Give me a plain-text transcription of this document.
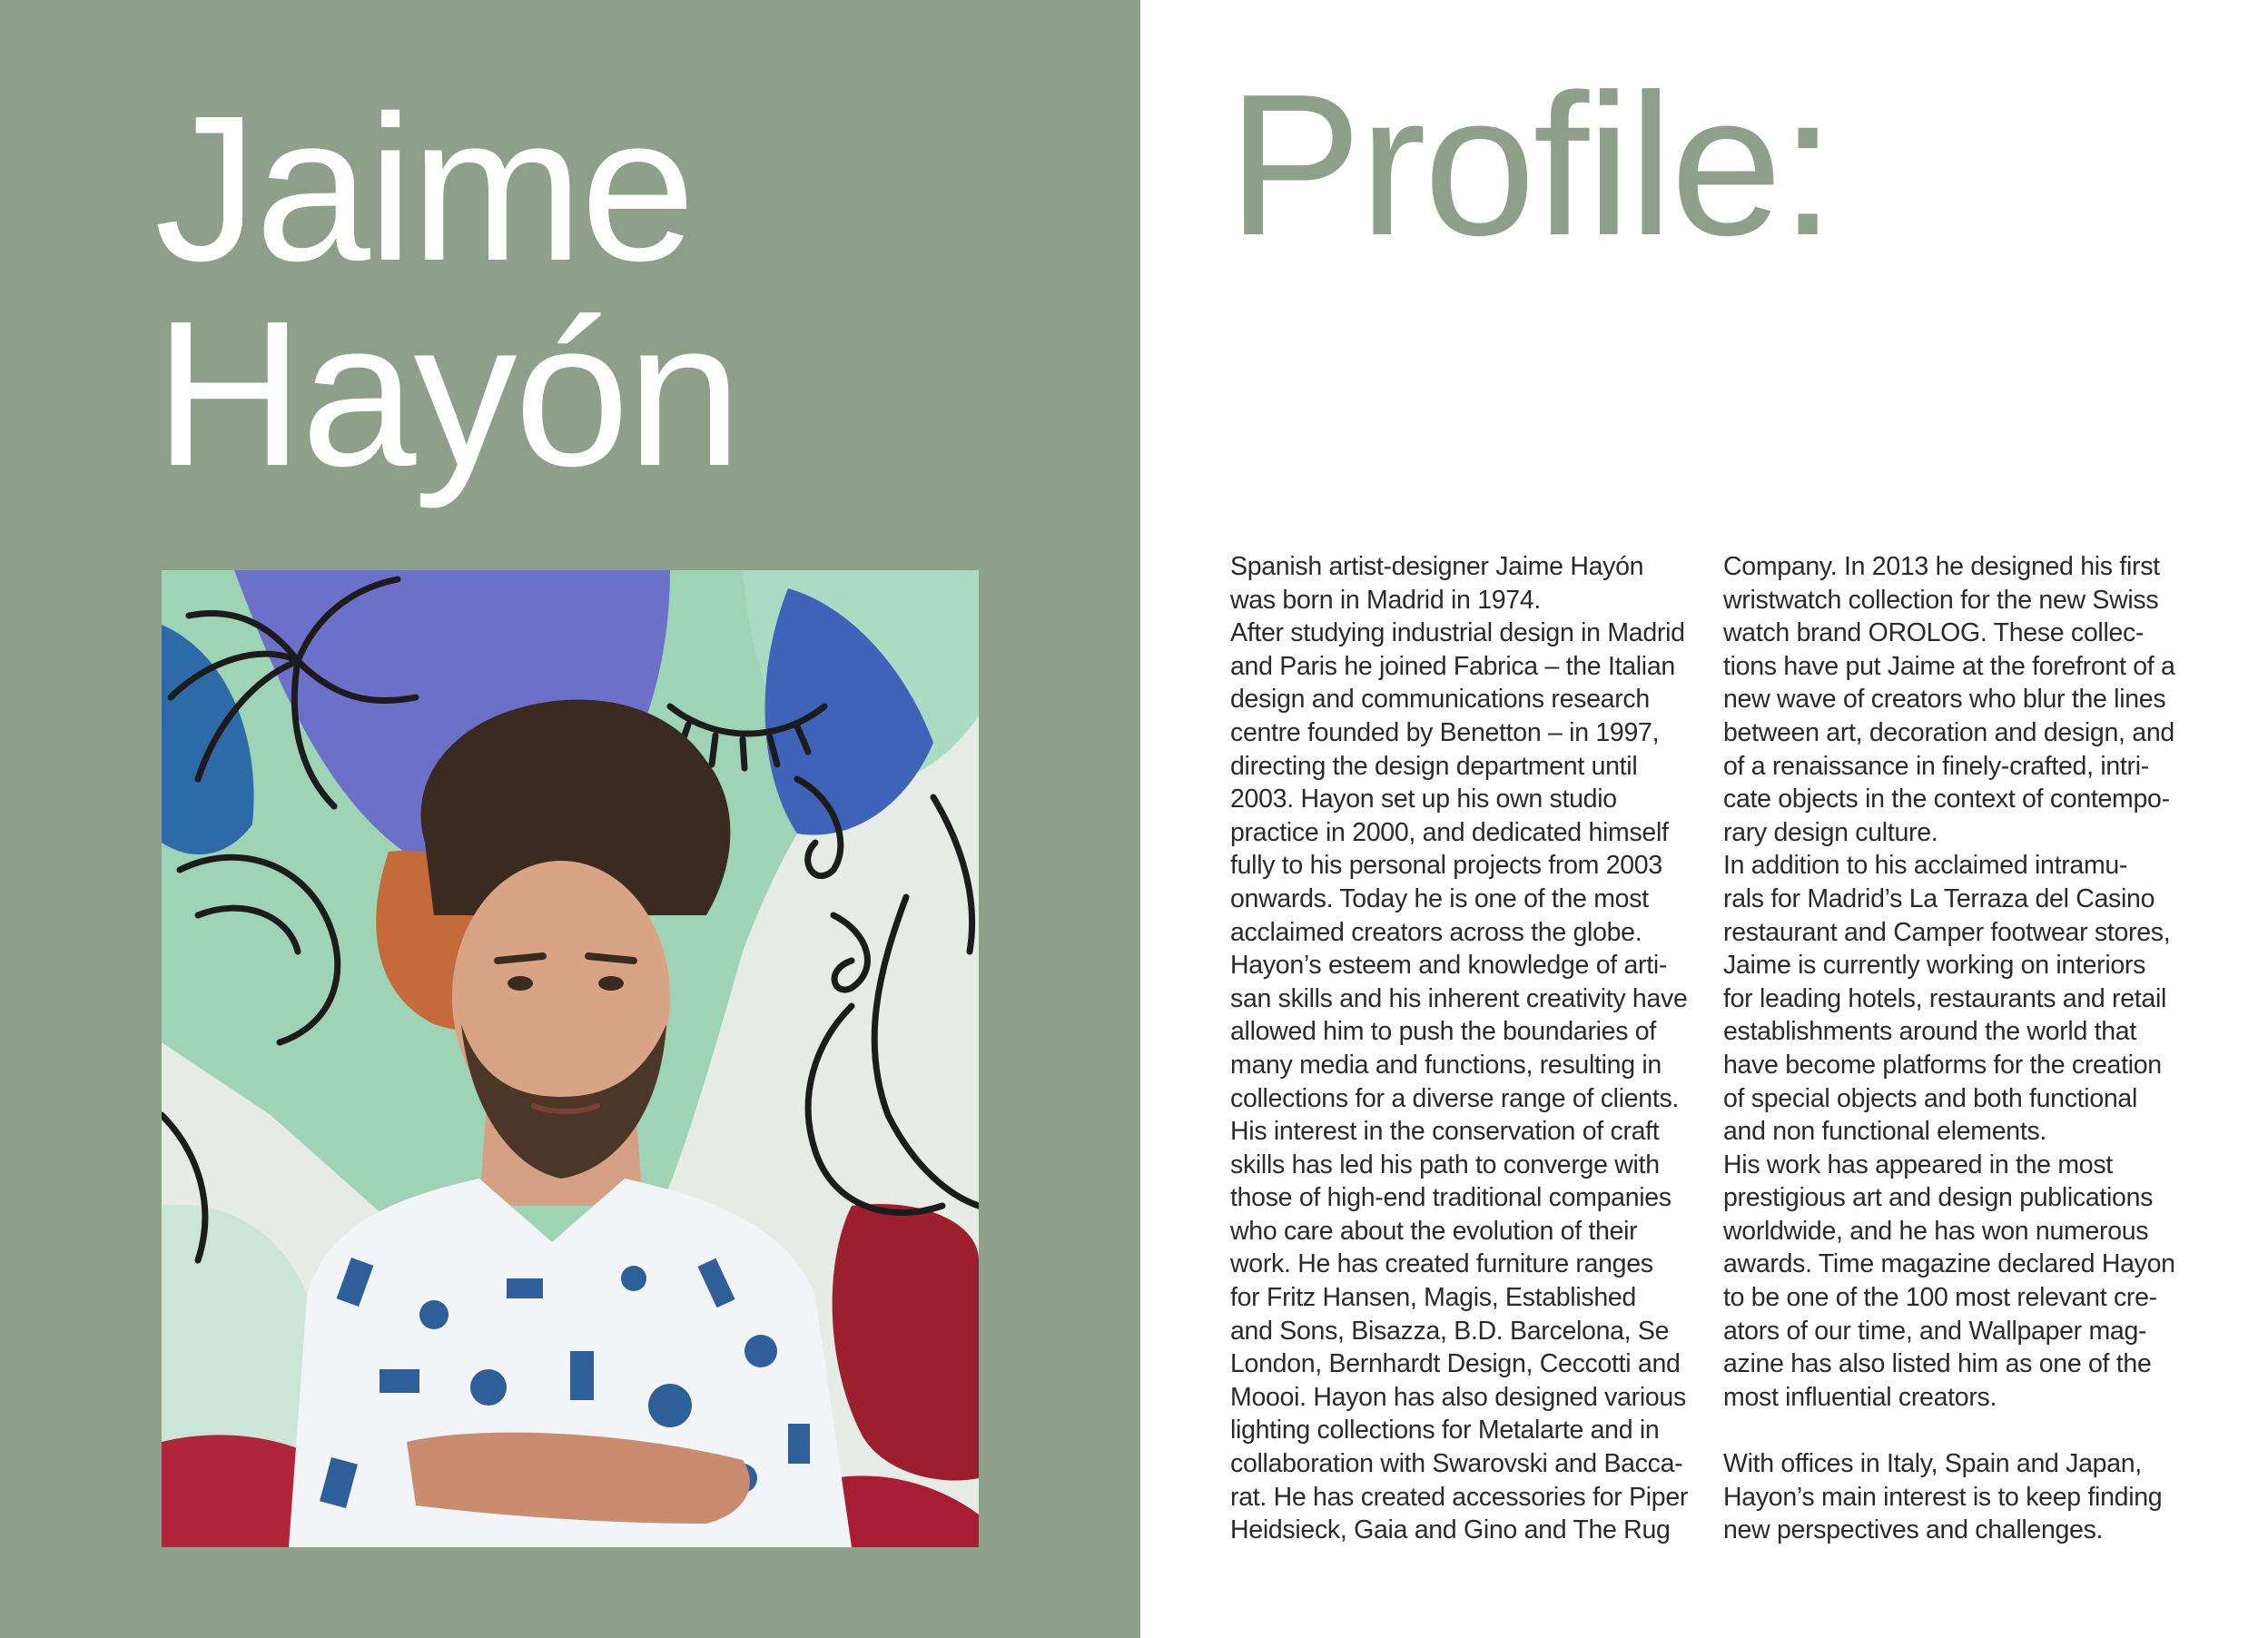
Jaime
Hayón
Profile:
Spanish artist-designer Jaime Hayón
was born in Madrid in 1974.
After studying industrial design in Madrid
and Paris he joined Fabrica – the Italian
design and communications research
centre founded by Benetton – in 1997,
directing the design department until
2003. Hayon set up his own studio
practice in 2000, and dedicated himself
fully to his personal projects from 2003
onwards. Today he is one of the most
acclaimed creators across the globe.
Hayon’s esteem and knowledge of arti-
san skills and his inherent creativity have
allowed him to push the boundaries of
many media and functions, resulting in
collections for a diverse range of clients.
His interest in the conservation of craft
skills has led his path to converge with
those of high-end traditional companies
who care about the evolution of their
work. He has created furniture ranges
for Fritz Hansen, Magis, Established
and Sons, Bisazza, B.D. Barcelona, Se
London, Bernhardt Design, Ceccotti and
Moooi. Hayon has also designed various
lighting collections for Metalarte and in
collaboration with Swarovski and Bacca-
rat. He has created accessories for Piper
Heidsieck, Gaia and Gino and The Rug
Company. In 2013 he designed his first
wristwatch collection for the new Swiss
watch brand OROLOG. These collec-
tions have put Jaime at the forefront of a
new wave of creators who blur the lines
between art, decoration and design, and
of a renaissance in finely-crafted, intri-
cate objects in the context of contempo-
rary design culture.
In addition to his acclaimed intramu-
rals for Madrid’s La Terraza del Casino
restaurant and Camper footwear stores,
Jaime is currently working on interiors
for leading hotels, restaurants and retail
establishments around the world that
have become platforms for the creation
of special objects and both functional
and non functional elements.
His work has appeared in the most
prestigious art and design publications
worldwide, and he has won numerous
awards. Time magazine declared Hayon
to be one of the 100 most relevant cre-
ators of our time, and Wallpaper mag-
azine has also listed him as one of the
most influential creators.
With offices in Italy, Spain and Japan,
Hayon’s main interest is to keep finding
new perspectives and challenges.
